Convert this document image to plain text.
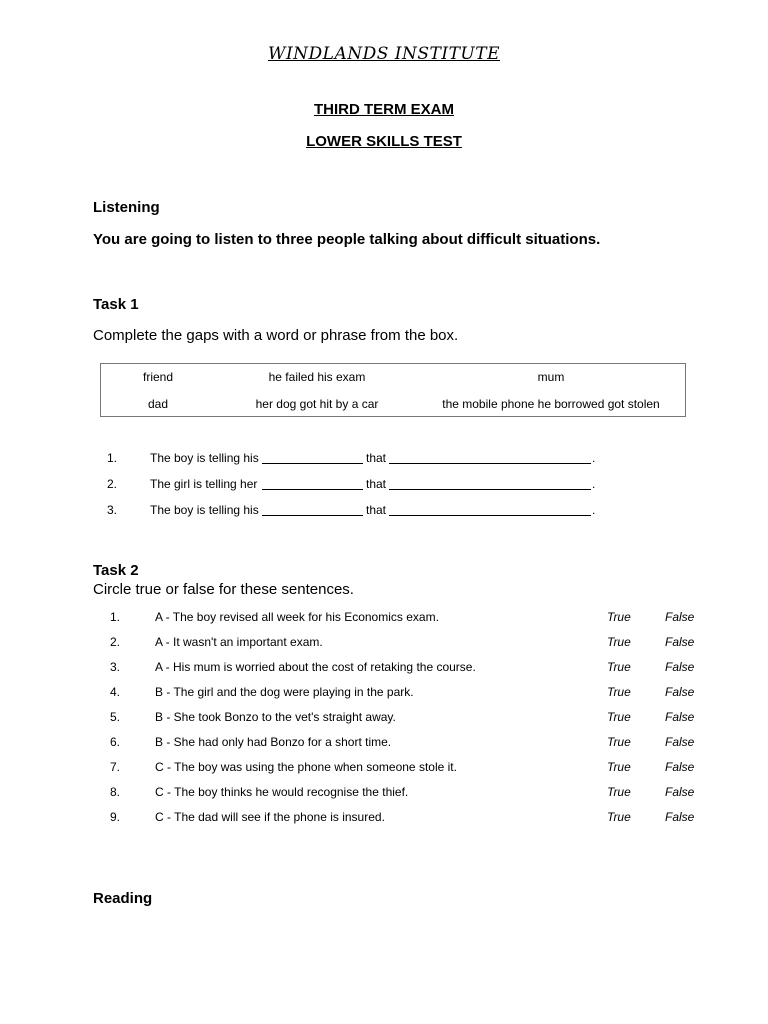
WINDLANDS INSTITUTE
THIRD TERM EXAM
LOWER SKILLS TEST
Listening
You are going to listen to three people talking about difficult situations.
Task 1
Complete the gaps with a word or phrase from the box.
friend	he failed his exam	mum
dad	her dog got hit by a car	the mobile phone he borrowed got stolen
1.	The boy is telling his	that	.
2.	The girl is telling her	that	.
3.	The boy is telling his	that	.
Task 2
Circle true or false for these sentences.
1.	A - The boy revised all week for his Economics exam.	True	False
2.	A - It wasn't an important exam.	True	False
3.	A - His mum is worried about the cost of retaking the course.	True	False
4.	B - The girl and the dog were playing in the park.	True	False
5.	B - She took Bonzo to the vet's straight away.	True	False
6.	B - She had only had Bonzo for a short time.	True	False
7.	C - The boy was using the phone when someone stole it.	True	False
8.	C - The boy thinks he would recognise the thief.	True	False
9.	C - The dad will see if the phone is insured.	True	False
Reading
